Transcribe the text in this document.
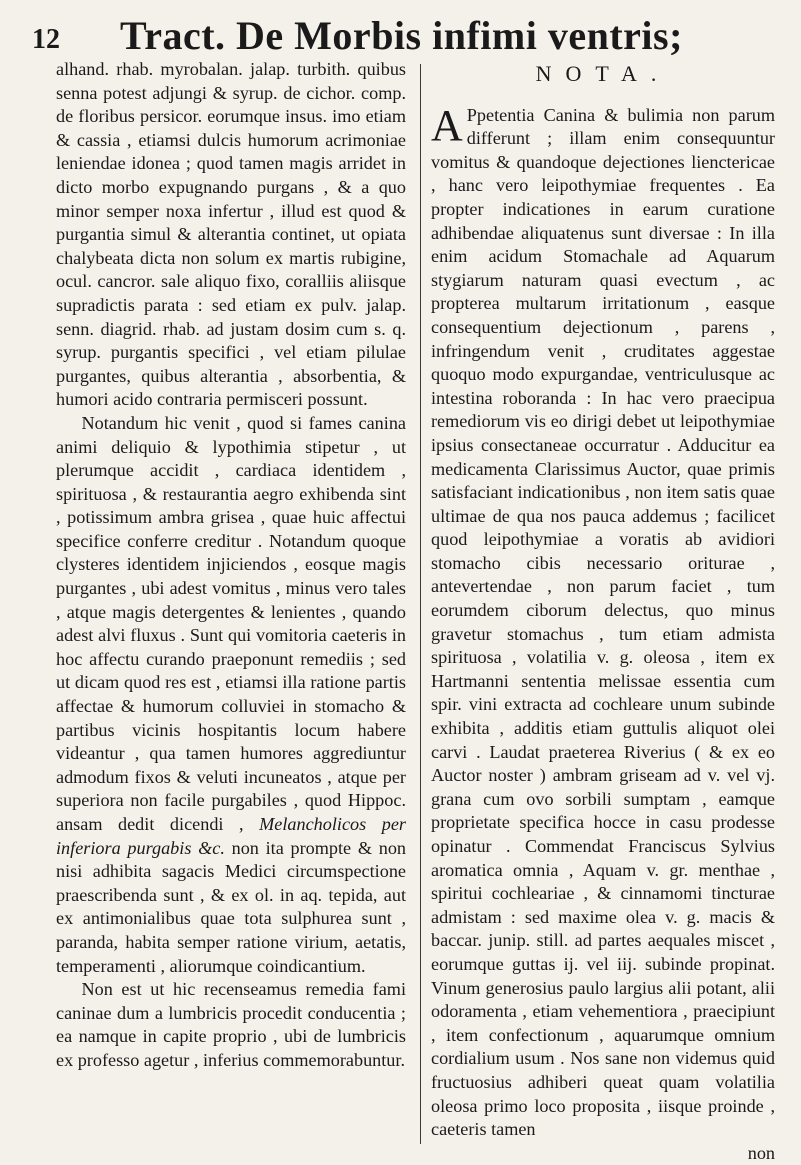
12 Tract. De Morbis infimi ventris;

alhand. rhab. myrobalan. jalap. turbith. quibus senna potest adjungi & syrup. de cichor. comp. de floribus persicor. eorumque insus. imo etiam & cassia , etiamsi dulcis humorum acrimoniae leniendae idonea ; quod tamen magis arridet in dicto morbo expugnando purgans , & a quo minor semper noxa infertur , illud est quod & purgantia simul & alterantia continet, ut opiata chalybeata dicta non solum ex martis rubigine, ocul. cancror. sale aliquo fixo, coralliis aliisque supradictis parata : sed etiam ex pulv. jalap. senn. diagrid. rhab. ad justam dosim cum s. q. syrup. purgantis specifici , vel etiam pilulae purgantes, quibus alterantia , absorbentia, & humori acido contraria permisceri possunt.

Notandum hic venit , quod si fames canina animi deliquio & lypothimia stipetur , ut plerumque accidit , cardiaca identidem , spirituosa , & restaurantia aegro exhibenda sint , potissimum ambra grisea , quae huic affectui specifice conferre creditur . Notandum quoque clysteres identidem injiciendos , eosque magis purgantes , ubi adest vomitus , minus vero tales , atque magis detergentes & lenientes , quando adest alvi fluxus . Sunt qui vomitoria caeteris in hoc affectu curando praeponunt remediis ; sed ut dicam quod res est , etiamsi illa ratione partis affectae & humorum colluviei in stomacho & partibus vicinis hospitantis locum habere videantur , qua tamen humores aggrediuntur admodum fixos & veluti incuneatos , atque per superiora non facile purgabiles , quod Hippoc. ansam dedit dicendi , Melancholicos per inferiora purgabis &c. non ita prompte & non nisi adhibita sagacis Medici circumspectione praescribenda sunt , & ex ol. in aq. tepida, aut ex antimonialibus quae tota sulphurea sunt , paranda, habita semper ratione virium, aetatis, temperamenti , aliorumque coindicantium.

Non est ut hic recenseamus remedia fami caninae dum a lumbricis procedit conducentia ; ea namque in capite proprio , ubi de lumbricis ex professo agetur , inferius commemorabuntur.

NOTA.

A Ppetentia Canina & bulimia non parum differunt ; illam enim consequuntur vomitus & quandoque dejectiones lienctericae , hanc vero leipothymiae frequentes . Ea propter indicationes in earum curatione adhibendae aliquatenus sunt diversae : In illa enim acidum Stomachale ad Aquarum stygiarum naturam quasi evectum , ac propterea multarum irritationum , easque consequentium dejectionum , parens , infringendum venit , cruditates aggestae quoquo modo expurgandae, ventriculusque ac intestina roboranda : In hac vero praecipua remediorum vis eo dirigi debet ut leipothymiae ipsius consectaneae occurratur . Adducitur ea medicamenta Clarissimus Auctor, quae primis satisfaciant indicationibus , non item satis quae ultimae de qua nos pauca addemus ; facilicet quod leipothymiae a voratis ab avidiori stomacho cibis necessario oriturae , antevertendae , non parum faciet , tum eorumdem ciborum delectus, quo minus gravetur stomachus , tum etiam admista spirituosa , volatilia v. g. oleosa , item ex Hartmanni sententia melissae essentia cum spir. vini extracta ad cochleare unum subinde exhibita , additis etiam guttulis aliquot olei carvi . Laudat praeterea Riverius ( & ex eo Auctor noster ) ambram griseam ad v. vel vj. grana cum ovo sorbili sumptam , eamque proprietate specifica hocce in casu prodesse opinatur . Commendat Franciscus Sylvius aromatica omnia , Aquam v. gr. menthae , spiritui cochleariae , & cinnamomi tincturae admistam : sed maxime olea v. g. macis & baccar. junip. still. ad partes aequales miscet , eorumque guttas ij. vel iij. subinde propinat. Vinum generosius paulo largius alii potant, alii odoramenta , etiam vehementiora , praecipiunt , item confectionum , aquarumque omnium cordialium usum . Nos sane non videmus quid fructuosius adhiberi queat quam volatilia oleosa primo loco proposita , iisque proinde , caeteris tamen

non
